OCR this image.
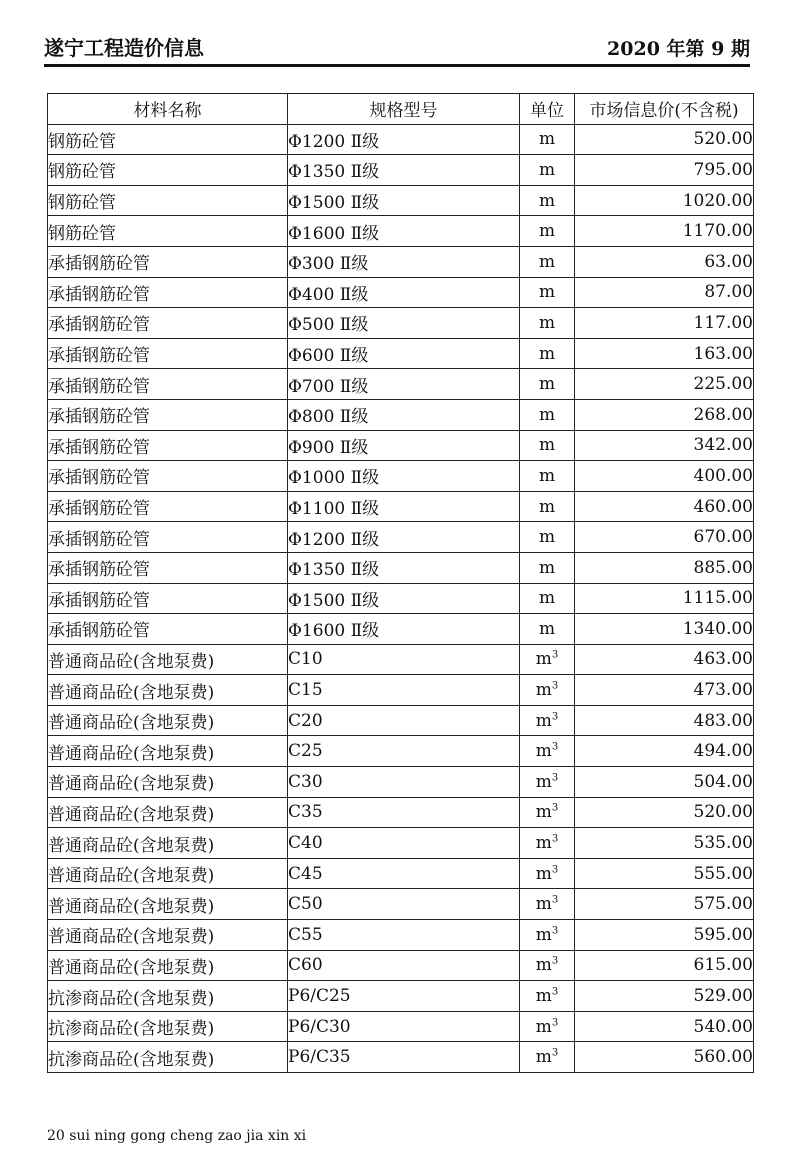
遂宁工程造价信息	2020 年第 9 期
材料名称	规格型号	单位	市场信息价(不含税)
钢筋砼管	Φ1200 Ⅱ级	m	520.00
钢筋砼管	Φ1350 Ⅱ级	m	795.00
钢筋砼管	Φ1500 Ⅱ级	m	1020.00
钢筋砼管	Φ1600 Ⅱ级	m	1170.00
承插钢筋砼管	Φ300 Ⅱ级	m	63.00
承插钢筋砼管	Φ400 Ⅱ级	m	87.00
承插钢筋砼管	Φ500 Ⅱ级	m	117.00
承插钢筋砼管	Φ600 Ⅱ级	m	163.00
承插钢筋砼管	Φ700 Ⅱ级	m	225.00
承插钢筋砼管	Φ800 Ⅱ级	m	268.00
承插钢筋砼管	Φ900 Ⅱ级	m	342.00
承插钢筋砼管	Φ1000 Ⅱ级	m	400.00
承插钢筋砼管	Φ1100 Ⅱ级	m	460.00
承插钢筋砼管	Φ1200 Ⅱ级	m	670.00
承插钢筋砼管	Φ1350 Ⅱ级	m	885.00
承插钢筋砼管	Φ1500 Ⅱ级	m	1115.00
承插钢筋砼管	Φ1600 Ⅱ级	m	1340.00
普通商品砼(含地泵费)	C10	$m^3$	463.00
普通商品砼(含地泵费)	C15	$m^3$	473.00
普通商品砼(含地泵费)	C20	$m^3$	483.00
普通商品砼(含地泵费)	C25	$m^3$	494.00
普通商品砼(含地泵费)	C30	$m^3$	504.00
普通商品砼(含地泵费)	C35	$m^3$	520.00
普通商品砼(含地泵费)	C40	$m^3$	535.00
普通商品砼(含地泵费)	C45	$m^3$	555.00
普通商品砼(含地泵费)	C50	$m^3$	575.00
普通商品砼(含地泵费)	C55	$m^3$	595.00
普通商品砼(含地泵费)	C60	$m^3$	615.00
抗渗商品砼(含地泵费)	P6/C25	$m^3$	529.00
抗渗商品砼(含地泵费)	P6/C30	$m^3$	540.00
抗渗商品砼(含地泵费)	P6/C35	$m^3$	560.00
20 sui ning gong cheng zao jia xin xi
